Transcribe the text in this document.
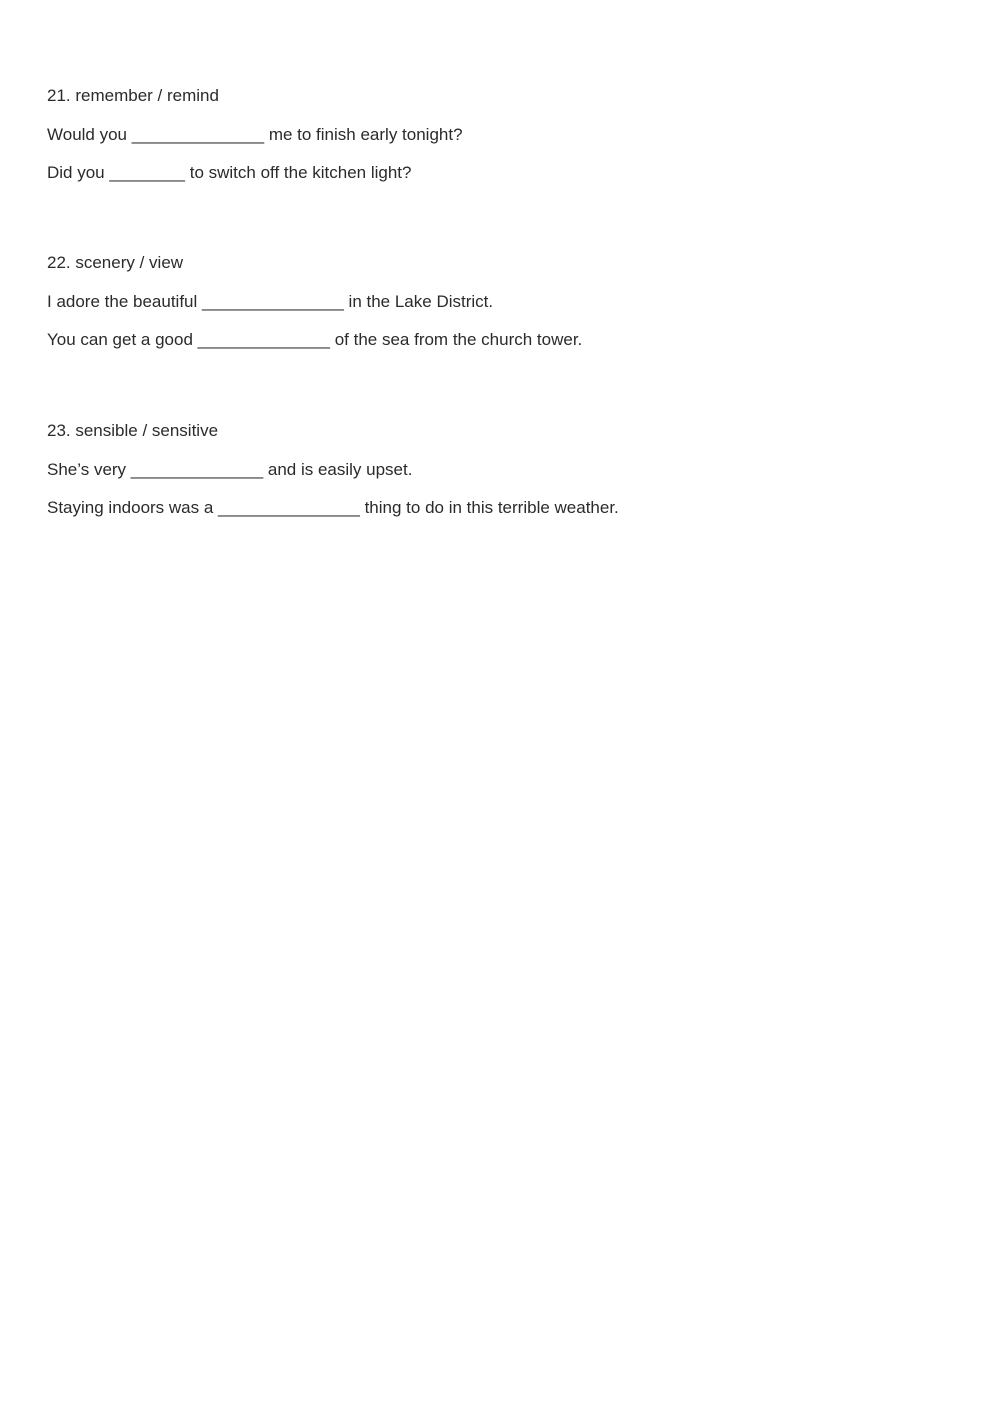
21. remember / remind
Would you ______________ me to finish early tonight?
Did you ________ to switch off the kitchen light?
22. scenery / view
I adore the beautiful _______________ in the Lake District.
You can get a good ______________ of the sea from the church tower.
23. sensible / sensitive
She’s very ______________ and is easily upset.
Staying indoors was a _______________ thing to do in this terrible weather.
